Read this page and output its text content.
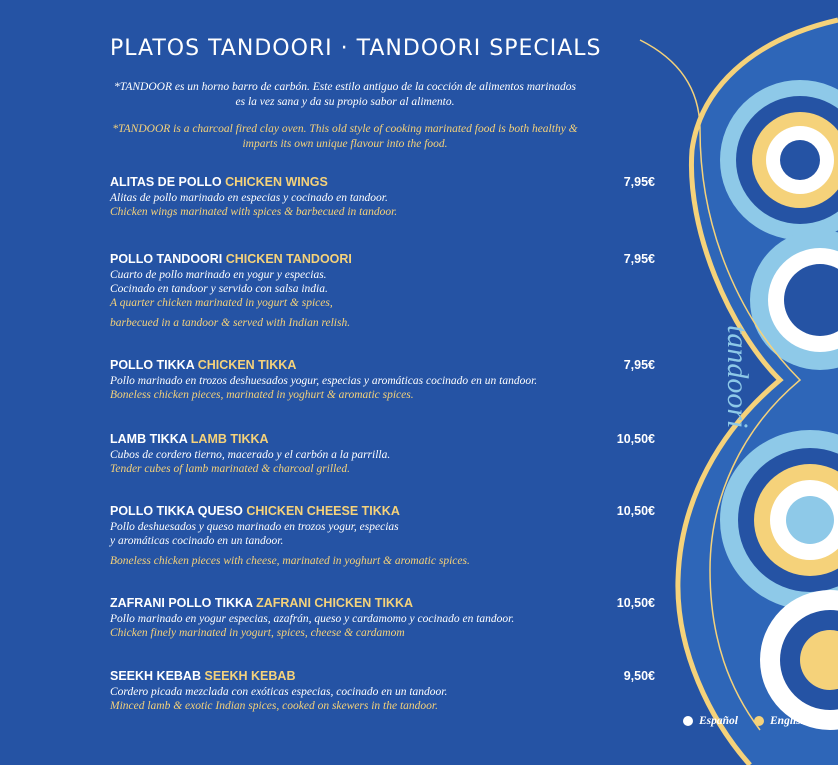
PLATOS TANDOORI · TANDOORI SPECIALS
*TANDOOR es un horno barro de carbón. Este estilo antiguo de la cocción de alimentos marinados es la vez sana y da su propio sabor al alimento.
*TANDOOR is a charcoal fired clay oven. This old style of cooking marinated food is both healthy & imparts its own unique flavour into the food.
ALITAS DE POLLO CHICKEN WINGS	7,95€
Alitas de pollo marinado en especias y cocinado en tandoor.
Chicken wings marinated with spices & barbecued in tandoor.
POLLO TANDOORI CHICKEN TANDOORI	7,95€
Cuarto de pollo marinado en yogur y especias.
Cocinado en tandoor y servido con salsa india.
A quarter chicken marinated in yogurt & spices,
barbecued in a tandoor & served with Indian relish.
POLLO TIKKA CHICKEN TIKKA	7,95€
Pollo marinado en trozos deshuesados yogur, especias y aromáticas cocinado en un tandoor.
Boneless chicken pieces, marinated in yoghurt & aromatic spices.
LAMB TIKKA LAMB TIKKA	10,50€
Cubos de cordero tierno, macerado y el carbón a la parrilla.
Tender cubes of lamb marinated & charcoal grilled.
POLLO TIKKA QUESO CHICKEN CHEESE TIKKA	10,50€
Pollo deshuesados y queso marinado en trozos yogur, especias
y aromáticas cocinado en un tandoor.
Boneless chicken pieces with cheese, marinated in yoghurt & aromatic spices.
ZAFRANI POLLO TIKKA ZAFRANI CHICKEN TIKKA	10,50€
Pollo marinado en yogur especias, azafrán, queso y cardamomo y cocinado en tandoor.
Chicken finely marinated in yogurt, spices, cheese & cardamom
SEEKH KEBAB SEEKH KEBAB	9,50€
Cordero picada mezclada con exóticas especias, cocinado en un tandoor.
Minced lamb & exotic Indian spices, cooked on skewers in the tandoor.
tandoori
Español	English
